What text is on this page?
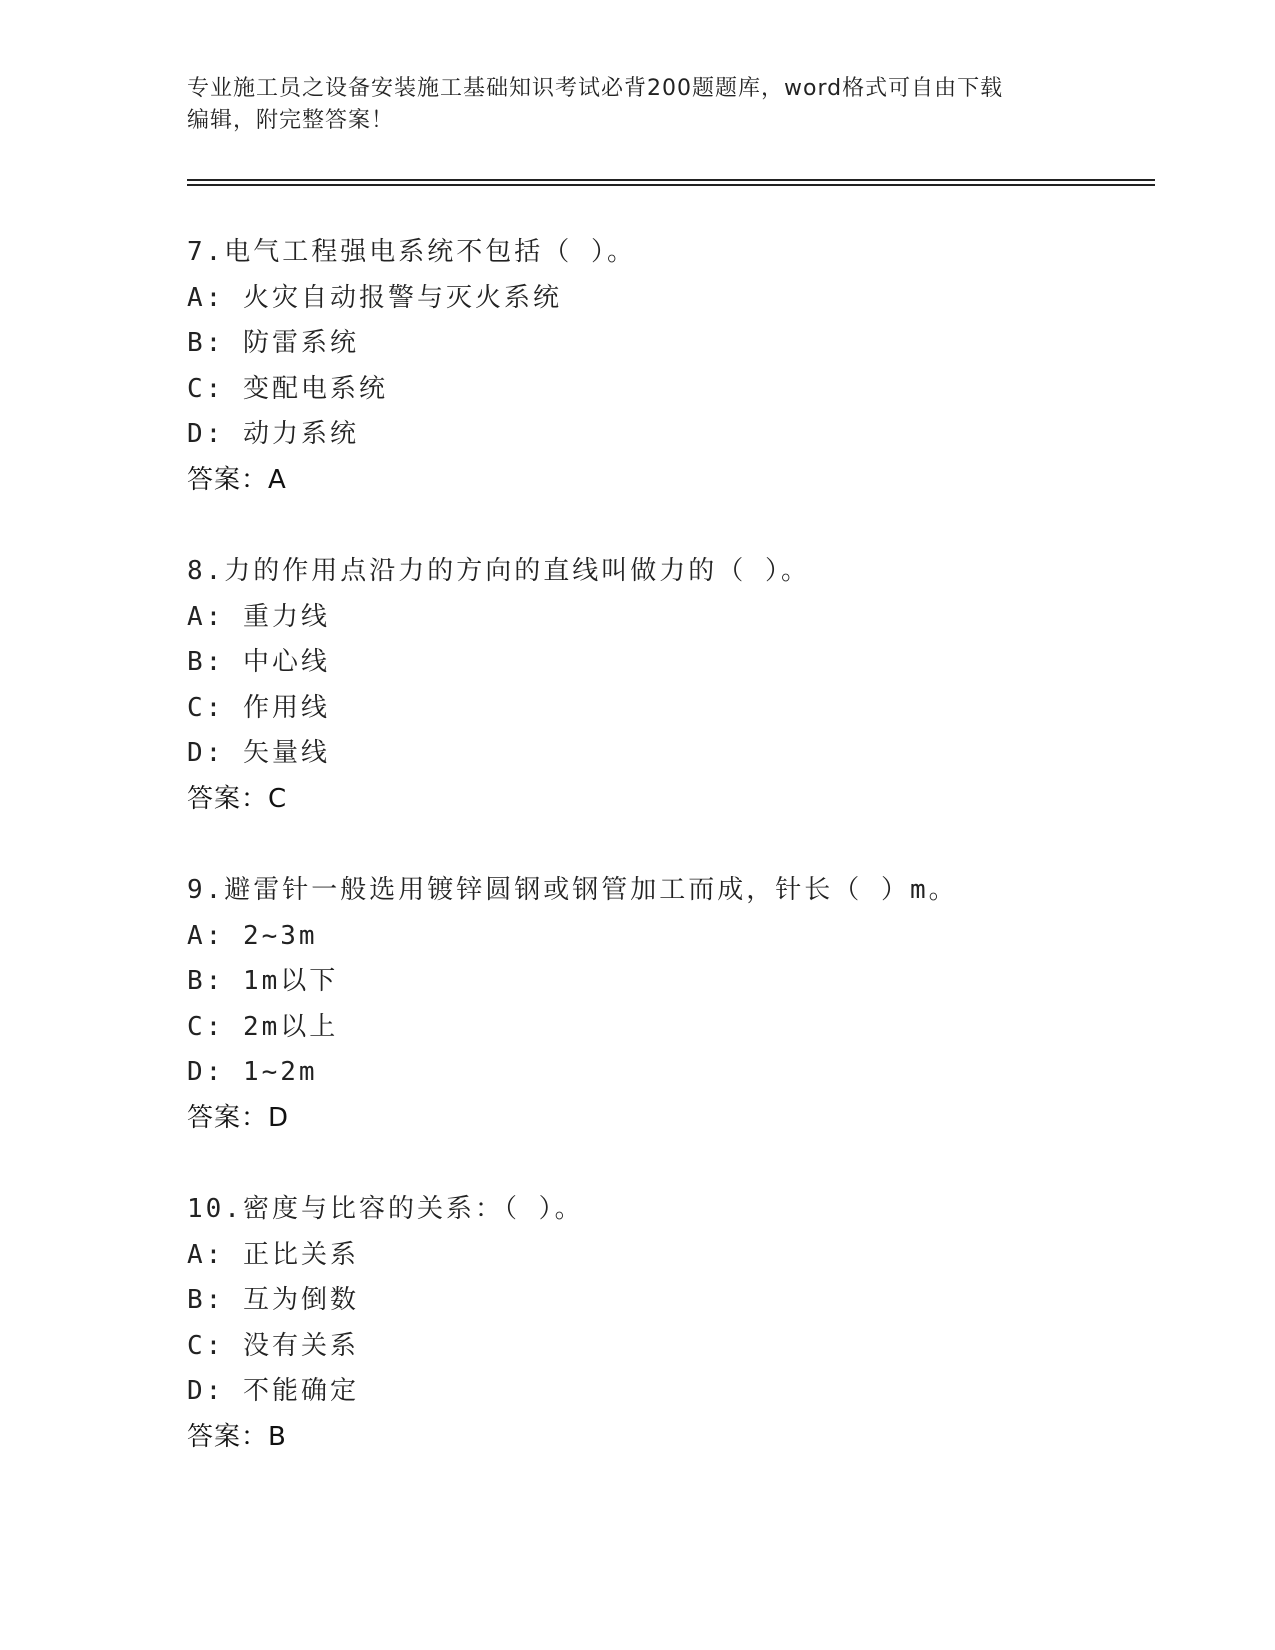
专业施工员之设备安装施工基础知识考试必背200题题库，word格式可自由下载
编辑，附完整答案！
7.电气工程强电系统不包括（ ）。
A: 火灾自动报警与灭火系统
B: 防雷系统
C: 变配电系统
D: 动力系统
答案：A
8.力的作用点沿力的方向的直线叫做力的（ ）。
A: 重力线
B: 中心线
C: 作用线
D: 矢量线
答案：C
9.避雷针一般选用镀锌圆钢或钢管加工而成，针长（ ）m。
A: 2~3m
B: 1m以下
C: 2m以上
D: 1~2m
答案：D
10.密度与比容的关系：（ ）。
A: 正比关系
B: 互为倒数
C: 没有关系
D: 不能确定
答案：B
